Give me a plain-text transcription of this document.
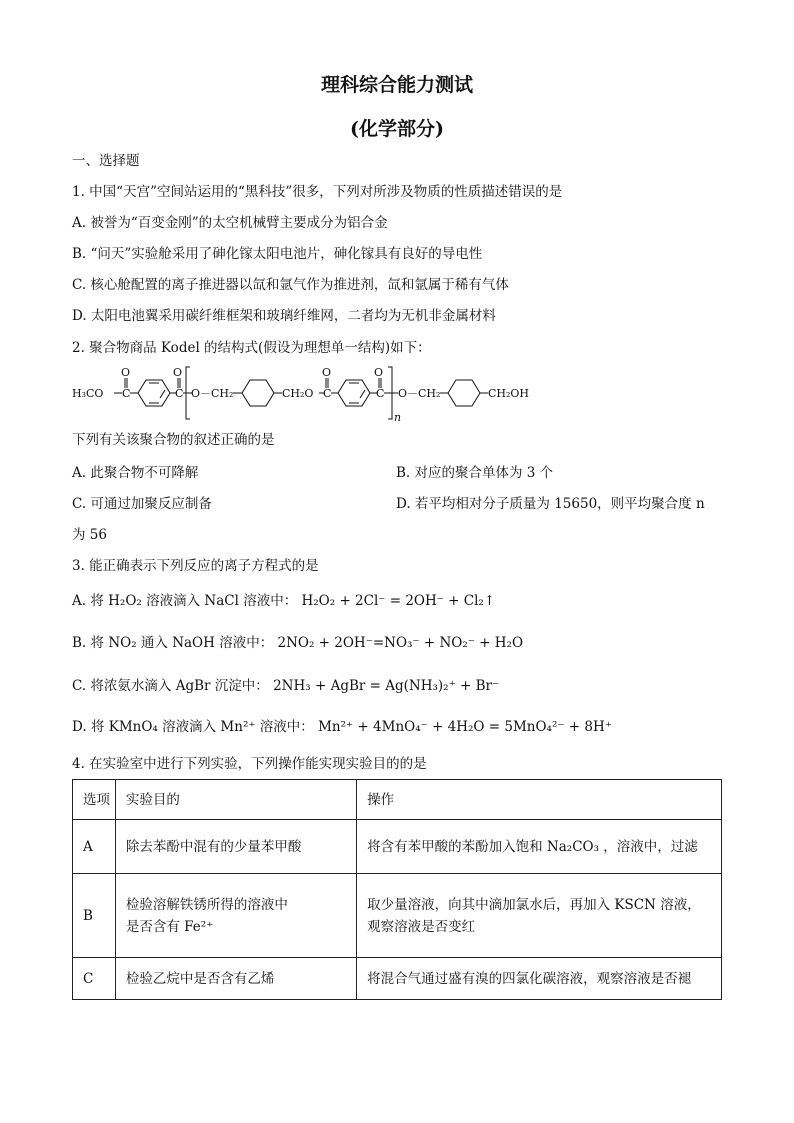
理科综合能力测试
(化学部分)
一、选择题
1. 中国“天宫”空间站运用的“黑科技”很多，下列对所涉及物质的性质描述错误的是
A. 被誉为“百变金刚”的太空机械臂主要成分为铝合金
B. “问天”实验舱采用了砷化镓太阳电池片，砷化镓具有良好的导电性
C. 核心舱配置的离子推进器以氙和氩气作为推进剂，氙和氩属于稀有气体
D. 太阳电池翼采用碳纤维框架和玻璃纤维网，二者均为无机非金属材料
2. 聚合物商品 Kodel 的结构式(假设为理想单一结构)如下：
H₃CO
O
C
O
C O－CH₂	CH₂O
O
C
O
C
n
O－CH₂	CH₂OH
下列有关该聚合物的叙述正确的是
A. 此聚合物不可降解	B. 对应的聚合单体为 3 个
C. 可通过加聚反应制备	D. 若平均相对分子质量为 15650，则平均聚合度 n
为 56
3. 能正确表示下列反应的离子方程式的是
A. 将 H₂O₂ 溶液滴入 NaCl 溶液中： H₂O₂ + 2Cl⁻ = 2OH⁻ + Cl₂↑
B. 将 NO₂ 通入 NaOH 溶液中： 2NO₂ + 2OH⁻=NO₃⁻ + NO₂⁻ + H₂O
C. 将浓氨水滴入 AgBr 沉淀中： 2NH₃ + AgBr = Ag(NH₃)₂⁺ + Br⁻
D. 将 KMnO₄ 溶液滴入 Mn²⁺ 溶液中： Mn²⁺ + 4MnO₄⁻ + 4H₂O = 5MnO₄²⁻ + 8H⁺
4. 在实验室中进行下列实验，下列操作能实现实验目的的是
选项	实验目的	操作
A	除去苯酚中混有的少量苯甲酸	将含有苯甲酸的苯酚加入饱和 Na₂CO₃ ，溶液中，过滤
B	检验溶解铁锈所得的溶液中是否含有 Fe²⁺	取少量溶液，向其中滴加氯水后，再加入 KSCN 溶液，观察溶液是否变红
C	检验乙烷中是否含有乙烯	将混合气通过盛有溴的四氯化碳溶液，观察溶液是否褪
